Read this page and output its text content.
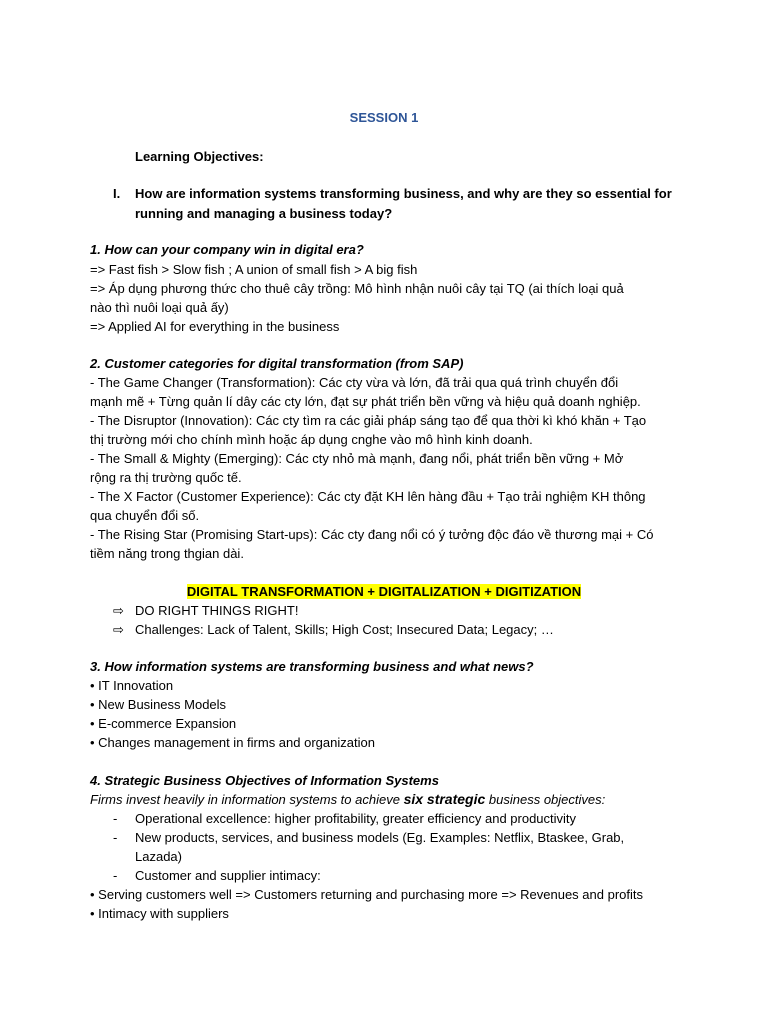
SESSION 1
Learning Objectives:
I. How are information systems transforming business, and why are they so essential for
running and managing a business today?
1. How can your company win in digital era?
=> Fast fish > Slow fish ; A union of small fish > A big fish
=> Áp dụng phương thức cho thuê cây trồng: Mô hình nhận nuôi cây tại TQ (ai thích loại quả
nào thì nuôi loại quả ấy)
=> Applied AI for everything in the business
2. Customer categories for digital transformation (from SAP)
- The Game Changer (Transformation): Các cty vừa và lớn, đã trải qua quá trình chuyển đổi
mạnh mẽ + Từng quản lí dây các cty lớn, đạt sự phát triển bền vững và hiệu quả doanh nghiệp.
- The Disruptor (Innovation): Các cty tìm ra các giải pháp sáng tạo để qua thời kì khó khăn + Tạo
thị trường mới cho chính mình hoặc áp dụng cnghe vào mô hình kinh doanh.
- The Small & Mighty (Emerging): Các cty nhỏ mà mạnh, đang nổi, phát triển bền vững + Mở
rộng ra thị trường quốc tế.
- The X Factor (Customer Experience): Các cty đặt KH lên hàng đầu + Tạo trải nghiệm KH thông
qua chuyển đổi số.
- The Rising Star (Promising Start-ups): Các cty đang nổi có ý tưởng độc đáo về thương mại + Có
tiềm năng trong thgian dài.
DIGITAL TRANSFORMATION + DIGITALIZATION + DIGITIZATION
⇨ DO RIGHT THINGS RIGHT!
⇨ Challenges: Lack of Talent, Skills; High Cost; Insecured Data; Legacy; …
3. How information systems are transforming business and what news?
• IT Innovation
• New Business Models
• E-commerce Expansion
• Changes management in firms and organization
4. Strategic Business Objectives of Information Systems
Firms invest heavily in information systems to achieve six strategic business objectives:
- Operational excellence: higher profitability, greater efficiency and productivity
- New products, services, and business models (Eg. Examples: Netflix, Btaskee, Grab,
Lazada)
- Customer and supplier intimacy:
• Serving customers well => Customers returning and purchasing more => Revenues and profits
• Intimacy with suppliers
